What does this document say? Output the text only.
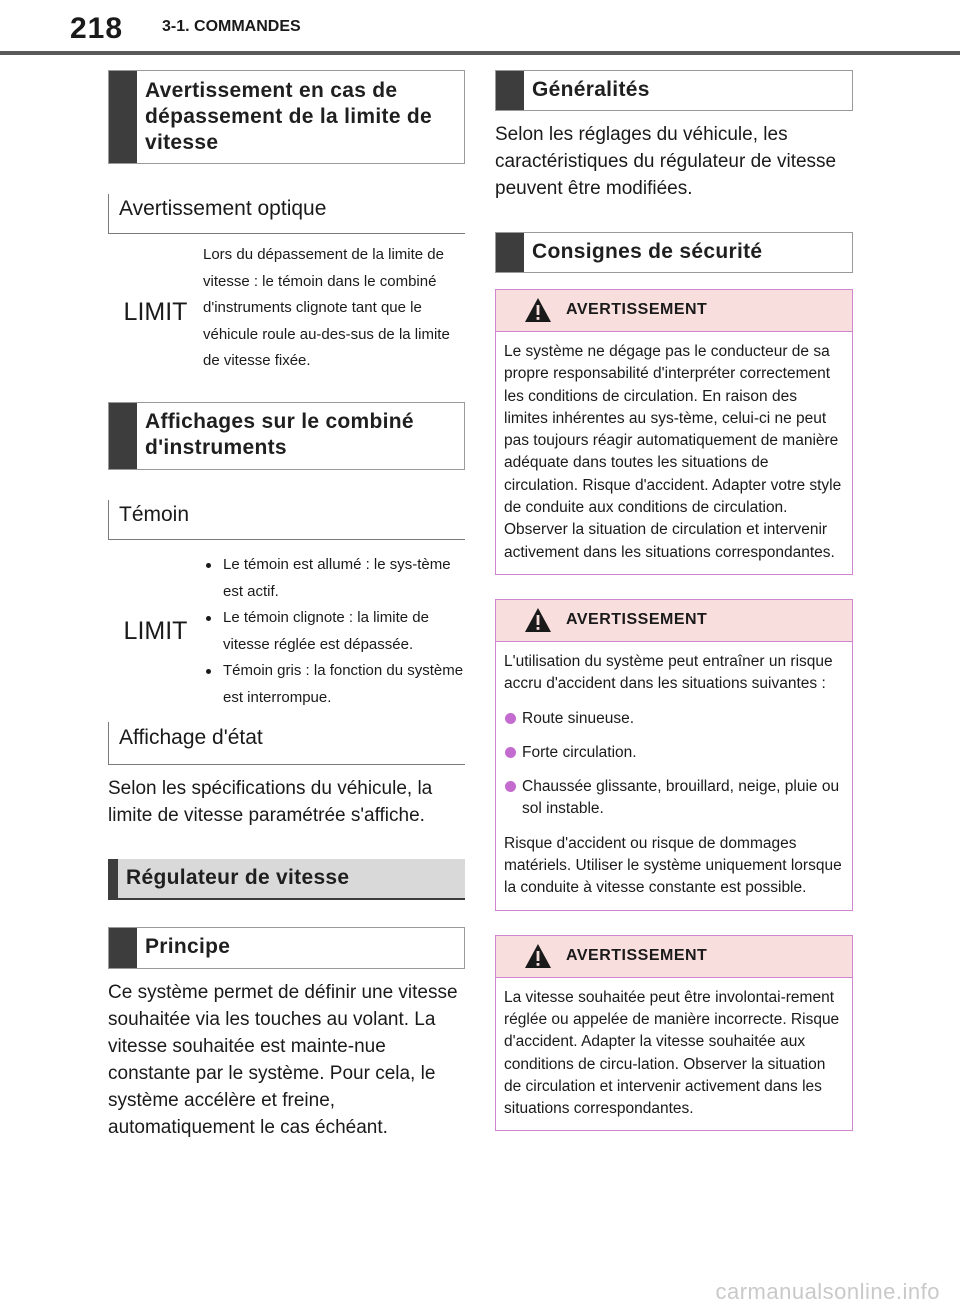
218 3-1. COMMANDES
Avertissement en cas de dépassement de la limite de vitesse
Avertissement optique
LIMIT
Lors du dépassement de la limite de vitesse : le témoin dans le combiné d'instruments clignote tant que le véhicule roule au-des-sus de la limite de vitesse fixée.
Affichages sur le combiné d'instruments
Témoin
LIMIT
Le témoin est allumé : le sys-tème est actif.
Le témoin clignote : la limite de vitesse réglée est dépassée.
Témoin gris : la fonction du système est interrompue.
Affichage d'état
Selon les spécifications du véhicule, la limite de vitesse paramétrée s'affiche.
Régulateur de vitesse
Principe
Ce système permet de définir une vitesse souhaitée via les touches au volant. La vitesse souhaitée est mainte-nue constante par le système. Pour cela, le système accélère et freine, automatiquement le cas échéant.
Généralités
Selon les réglages du véhicule, les caractéristiques du régulateur de vitesse peuvent être modifiées.
Consignes de sécurité
AVERTISSEMENT

Le système ne dégage pas le conducteur de sa propre responsabilité d'interpréter correctement les conditions de circulation. En raison des limites inhérentes au sys-tème, celui-ci ne peut pas toujours réagir automatiquement de manière adéquate dans toutes les situations de circulation. Risque d'accident. Adapter votre style de conduite aux conditions de circulation. Observer la situation de circulation et intervenir activement dans les situations correspondantes.

AVERTISSEMENT

L'utilisation du système peut entraîner un risque accru d'accident dans les situations suivantes :

Route sinueuse.
Forte circulation.
Chaussée glissante, brouillard, neige, pluie ou sol instable.

Risque d'accident ou risque de dommages matériels. Utiliser le système uniquement lorsque la conduite à vitesse constante est possible.

AVERTISSEMENT

La vitesse souhaitée peut être involontai-rement réglée ou appelée de manière incorrecte. Risque d'accident. Adapter la vitesse souhaitée aux conditions de circu-lation. Observer la situation de circulation et intervenir activement dans les situations correspondantes.

carmanualsonline.info
